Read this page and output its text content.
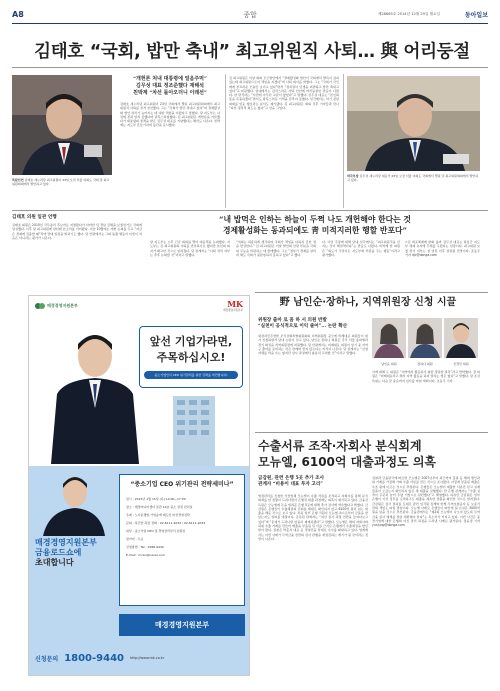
A8	종합	제28665호 2014년 12월 29일 월요일	동아일보
김태호 “국회, 밥만 축내” 최고위원직 사퇴… 與 어리둥절
폭탄선언 김태호 새누리당 최고위원이 23일 오전 서울 여의도 국회 당 최고위원회의에서 발언하고 있다.
“개헌론 처내 대통령에 얼음주먹”
김무성 대표 정조준했다 재해석
친박계 “차선 돌아오더니 이래선”
김태호 새누리당 최고위원이 23일 국회에서 열린 최고위원회의에서 최고위원직 사퇴를 전격 선언했다. 그는 “국회가 밥만 축내고 있다”며 경제활성화 법안 처리가 늦어지는 데 대한 책임을 지겠다고 말했다. 당 지도부는 사전에 전혀 알지 못했다며 당혹스러워했다. 김 최고위원은 개헌론을 거론했다가 대통령의 질책을 받은 김무성 대표를 겨냥했다는 해석도 나온다. 친박계는 지도부 흔들기라며 불만을 표시했다.
김 최고위원은 이날 회의 모두발언에서 “경제활성화 법안이 국회에서 발목이 잡혀 있는데 최고위원으로서 책임을 지겠다”며 사퇴 의사를 밝혔다. 그는 “국회가 국민에게 부끄러운 모습만 보이고 있다”면서 “정치권이 민생을 외면하고 밥만 축내고 있다”고 비판했다. 당내에서는 갑작스러운 사퇴 선언에 어리둥절한 반응이 나왔다. 한 당직자는 “사전에 아무런 교감이 없었다”고 말했다. 김무성 대표는 “본인의 뜻을 존중하겠다”면서도 당혹스러운 기색을 감추지 못했다. 일각에서는 차기 전당대회를 앞둔 행보라는 분석도 제기됐다. 김 최고위원은 회의 직후 기자들과 만나 “다른 정치적 의도는 없다”고 선을 그었다.
떡국부탕 김무성 새누리당 대표가 23일 오전 서울 여의도 국회에서 열린 당 최고위원회의에서 발언하고 있다.
김태호 의원 일관 언행
김태호 의원은 2010년 국무총리 후보자로 지명됐다가 낙마한 뒤 경남 김해을 보궐선거로 국회에 입성했다. 이후 당 최고위원에 당선돼 쓴소리를 이어왔다. 지난 10월에는 개헌 논의를 두고 “지금은 경제에 집중할 때”라며 반대 입장을 밝히기도 했다. 당 안팎에서는 그의 돌출 행동이 이번이 처음은 아니라는 평가가 나온다.
“내 밥먹은 인하는 하늘이 두쩍 나도 개헌해야 한다는 것
경제활성화는 동과되에도 靑 미적지러한 행할 반포다”
당 지도부는 오후 긴급 회의를 열어 대응책을 논의했다. 지도부는 김 최고위원의 사퇴를 만류하기로 했지만 본인의 의지가 확고한 것으로 알려졌다. 당 관계자는 “사퇴 처리 여부는 추후 논의할 것”이라고 말했다.
“저희는 죄송하게 생각하며 국회가 책임을 다하지 못한 점을 반성한다.” 김 최고위원은 이날 발언의 상당 부분을 국회의 무능을 비판하는 데 할애했다. 그는 “정부가 경제를 살리려 해도 국회가 뒷받침하지 못하고 있다”고 했다.
다. 이런 주장에 대해 당내 일각에서는 “최고위원직을 던지는 것이 해결책이냐”는 반응도 나왔다. 비박계 한 의원은 “의도가 무엇이든 지도부에 부담을 주는 행동”이라고 평가했다.
=김 대표체제에 변화 올까 김무성 대표는 당분간 지도부 체제 유지에 무게를 두겠다는 입장이다. 최고위원 보궐 선거 여부는 설 연휴 이후 결정될 전망이다. 조동주 기자 djc@donga.com
매경경영지원본부	MK
매경경영지원본부
앞선 기업가라면,
주목하십시오!
중소기업인이 CEO 위기관리를 위한 강좌를 마련합니다!
매경경영지원본부
금융로드쇼에
초대합니다
“중소기업 CEO 위기관리 전략세미나”
일시 : 2015년 1월 15일 (목) 14:00~17:00
장소 : 매경미디어센터 본관 12층 중소 상권 관리실
주제 : 노사분쟁법·가업승계·제도인 비상경영전략
문의 : 하건한 과장 전화 : 02-6111-2034 / 02-6111-2034
대상 : 중소기업 CEO 및 경영관리부서 임원진
참가비 : 무료
신청방법 : Tel : 1588-9440
E-mail : mcsu@naver.com
매경경영지원본부
신청문의 1800-9440 http://www.mk.co.kr
野 남인순·장하나, 지역위원장 신청 시끌
위원장 출마 로 꼼 하 서 의원 반발
“실천이 공식적으로 이익 줄어”... 논란 확산
새정치민주연합 조직강화특별위원회의 지역위원장 공모에 비례대표 의원들이 대거 신청하면서 당내 논란이 일고 있다. 남인순 장하나 의원은 각각 서울 송파병과 경기 화성을 지역위원장에 지원했다. 당 안팎에서는 비례대표 의원이 임기 중 지역구 출마를 준비하는 것은 관례와 맞지 않는다는 지적이 나온다. 당 관계자는 “신청 자체를 막을 수는 없지만 심사 과정에서 충분히 고려할 것”이라고 말했다.
남인순 의원	장하나 의원	신경민 의원
이에 대해 두 의원은 “지역에서 활동하기 위한 정당한 절차”라고 반박했다. 장 의원은 “비례대표라고 해서 지역 활동을 하지 말라는 법은 없다”고 말했다. 당 조강특위는 다음 달 중순까지 심사를 마칠 계획이다. 조동주 기자
수출서류 조작·자회사 분식회계
모뉴엘, 6100억 대출과정도 의혹
금감원, 관련 은행 5곳 추가 조사
관계자 “비용이 대표 투자 고리”
법정관리를 신청한 가전업체 모뉴엘이 수출 서류를 조작하고 자회사를 통해 분식회계를 한 정황이 드러나면서 은행권 대출 과정에도 의혹이 제기되고 있다. 금융감독원은 모뉴엘에 돈을 빌려준 은행 5곳에 대해 추가 검사에 착수했다고 밝혔다. 금감원은 은행들이 수출채권의 진위를 제대로 확인하지 않고 6100억 원이 넘는 대출을 해준 것으로 보고 있다. 특히 일부 은행 직원이 모뉴엘 측으로부터 금품을 받았는지도 살펴볼 예정이다. 금감원 관계자는 “여신 심사 과정 전반을 들여다보고 있다”며 “문제가 드러나면 엄중히 제재하겠다”고 말했다. 모뉴엘은 해외 자회사와 허위 수출 거래를 만들어 매출을 부풀린 뒤 이를 근거로 은행에서 수출채권을 할인받아 왔다. 검찰은 박홍석 대표 등 경영진을 상대로 수사를 확대하고 있다. 업계에서는 이번 사태가 무역금융 전반의 심사 관행을 재점검하는 계기가 될 것이라는 전망이 나온다.
검찰과 금융당국에 따르면 모뉴엘은 2007년부터 최근까지 홍콩 등 해외 법인과의 거래를 가장해 가짜 수출 서류를 만든 것으로 조사됐다. 이렇게 부풀린 매출은 수조 원에 이르는 것으로 추정된다. 은행들은 모뉴엘이 제출한 서류만 믿고 실제 물품이 오갔는지 확인하지 않은 채 대출을 실행했다. 한 은행 관계자는 “수출 실적이 꾸준히 늘어 우량 기업으로 판단했다”고 해명했다. 하지만 금감원은 일부 은행이 이상 징후를 포착하고도 대출을 계속한 정황을 확인한 것으로 알려졌다. 금감원은 검사 결과를 토대로 관련 임직원 징계와 함께 무역보험공사 등 보증기관의 책임도 따질 방침이다. 모뉴엘 사태로 은행들이 떠안게 될 손실은 3000억 원을 넘을 것으로 추산된다. 금융권에서는 “제2의 모뉴엘이 나오지 않도록 무역금융 심사 체계를 전면 개편해야 한다”는 목소리가 커지고 있다. 이번 사건은 중견기업에 대한 은행의 여신 관리 허점을 드러낸 사례로 평가된다. 장윤정 기자 yunjung@donga.com
